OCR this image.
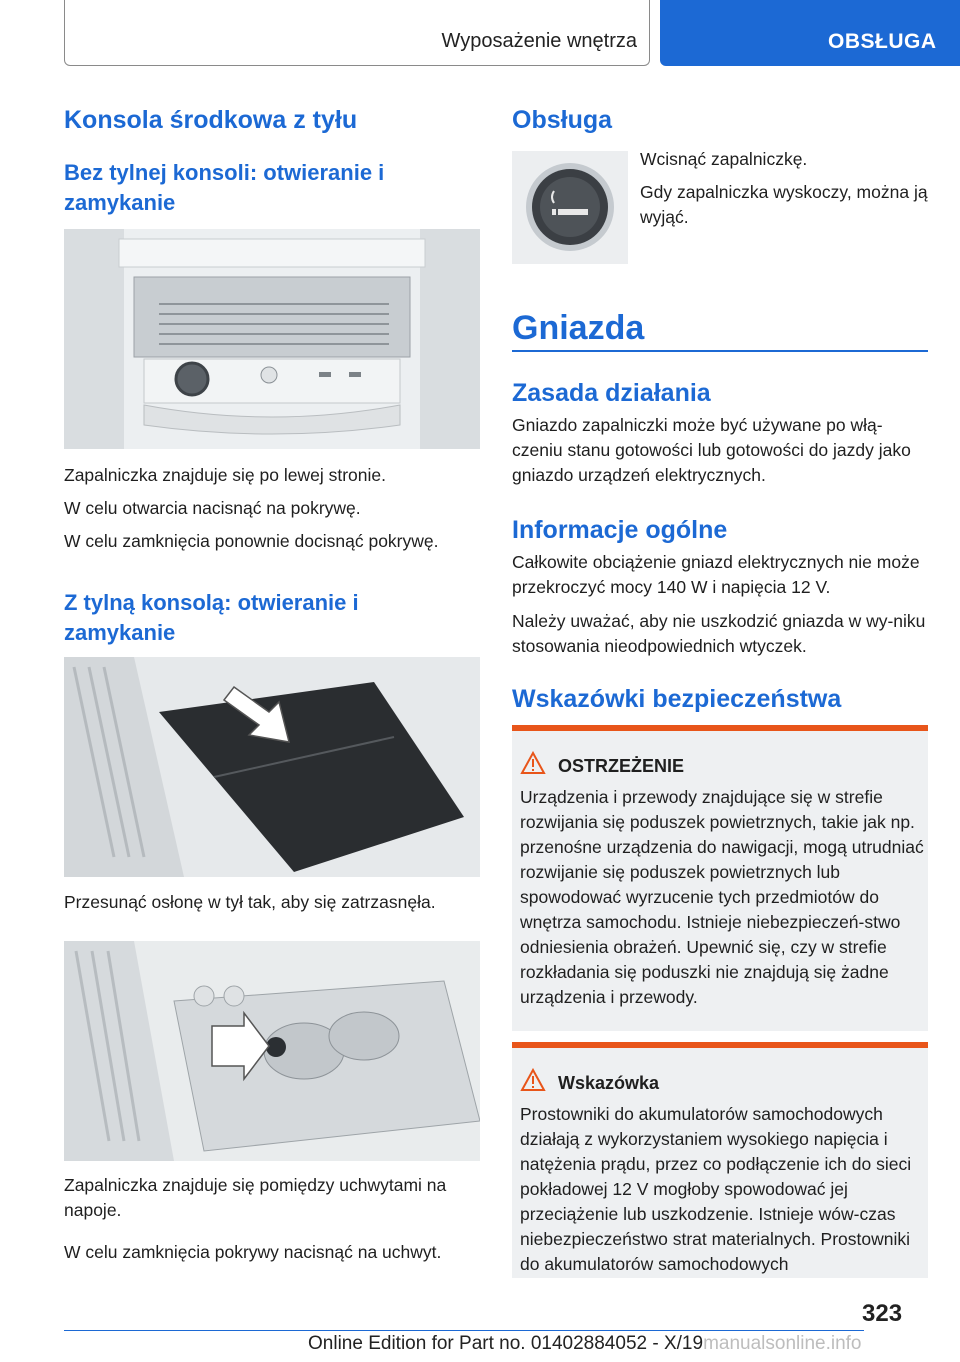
Wyposażenie wnętrza	OBSŁUGA
Konsola środkowa z tyłu
Bez tylnej konsoli: otwieranie i zamykanie
Zapalniczka znajduje się po lewej stronie.
W celu otwarcia nacisnąć na pokrywę.
W celu zamknięcia ponownie docisnąć pokrywę.
Z tylną konsolą: otwieranie i zamykanie
Przesunąć osłonę w tył tak, aby się zatrzasnęła.
Zapalniczka znajduje się pomiędzy uchwytami na napoje.
W celu zamknięcia pokrywy nacisnąć na uchwyt.
Obsługa
Wcisnąć zapalniczkę.
Gdy zapalniczka wyskoczy, można ją wyjąć.
Gniazda
Zasada działania
Gniazdo zapalniczki może być używane po włą-czeniu stanu gotowości lub gotowości do jazdy jako gniazdo urządzeń elektrycznych.
Informacje ogólne
Całkowite obciążenie gniazd elektrycznych nie może przekroczyć mocy 140 W i napięcia 12 V.
Należy uważać, aby nie uszkodzić gniazda w wy-niku stosowania nieodpowiednich wtyczek.
Wskazówki bezpieczeństwa
OSTRZEŻENIE
Urządzenia i przewody znajdujące się w strefie rozwijania się poduszek powietrznych, takie jak np. przenośne urządzenia do nawigacji, mogą utrudniać rozwijanie się poduszek powietrznych lub spowodować wyrzucenie tych przedmiotów do wnętrza samochodu. Istnieje niebezpieczeń-stwo odniesienia obrażeń. Upewnić się, czy w strefie rozkładania się poduszki nie znajdują się żadne urządzenia i przewody.
Wskazówka
Prostowniki do akumulatorów samochodowych działają z wykorzystaniem wysokiego napięcia i natężenia prądu, przez co podłączenie ich do sieci pokładowej 12 V mogłoby spowodować jej przeciążenie lub uszkodzenie. Istnieje wów-czas niebezpieczeństwo strat materialnych. Prostowniki do akumulatorów samochodowych
323
Online Edition for Part no. 01402884052 - X/19manualsonline.info
